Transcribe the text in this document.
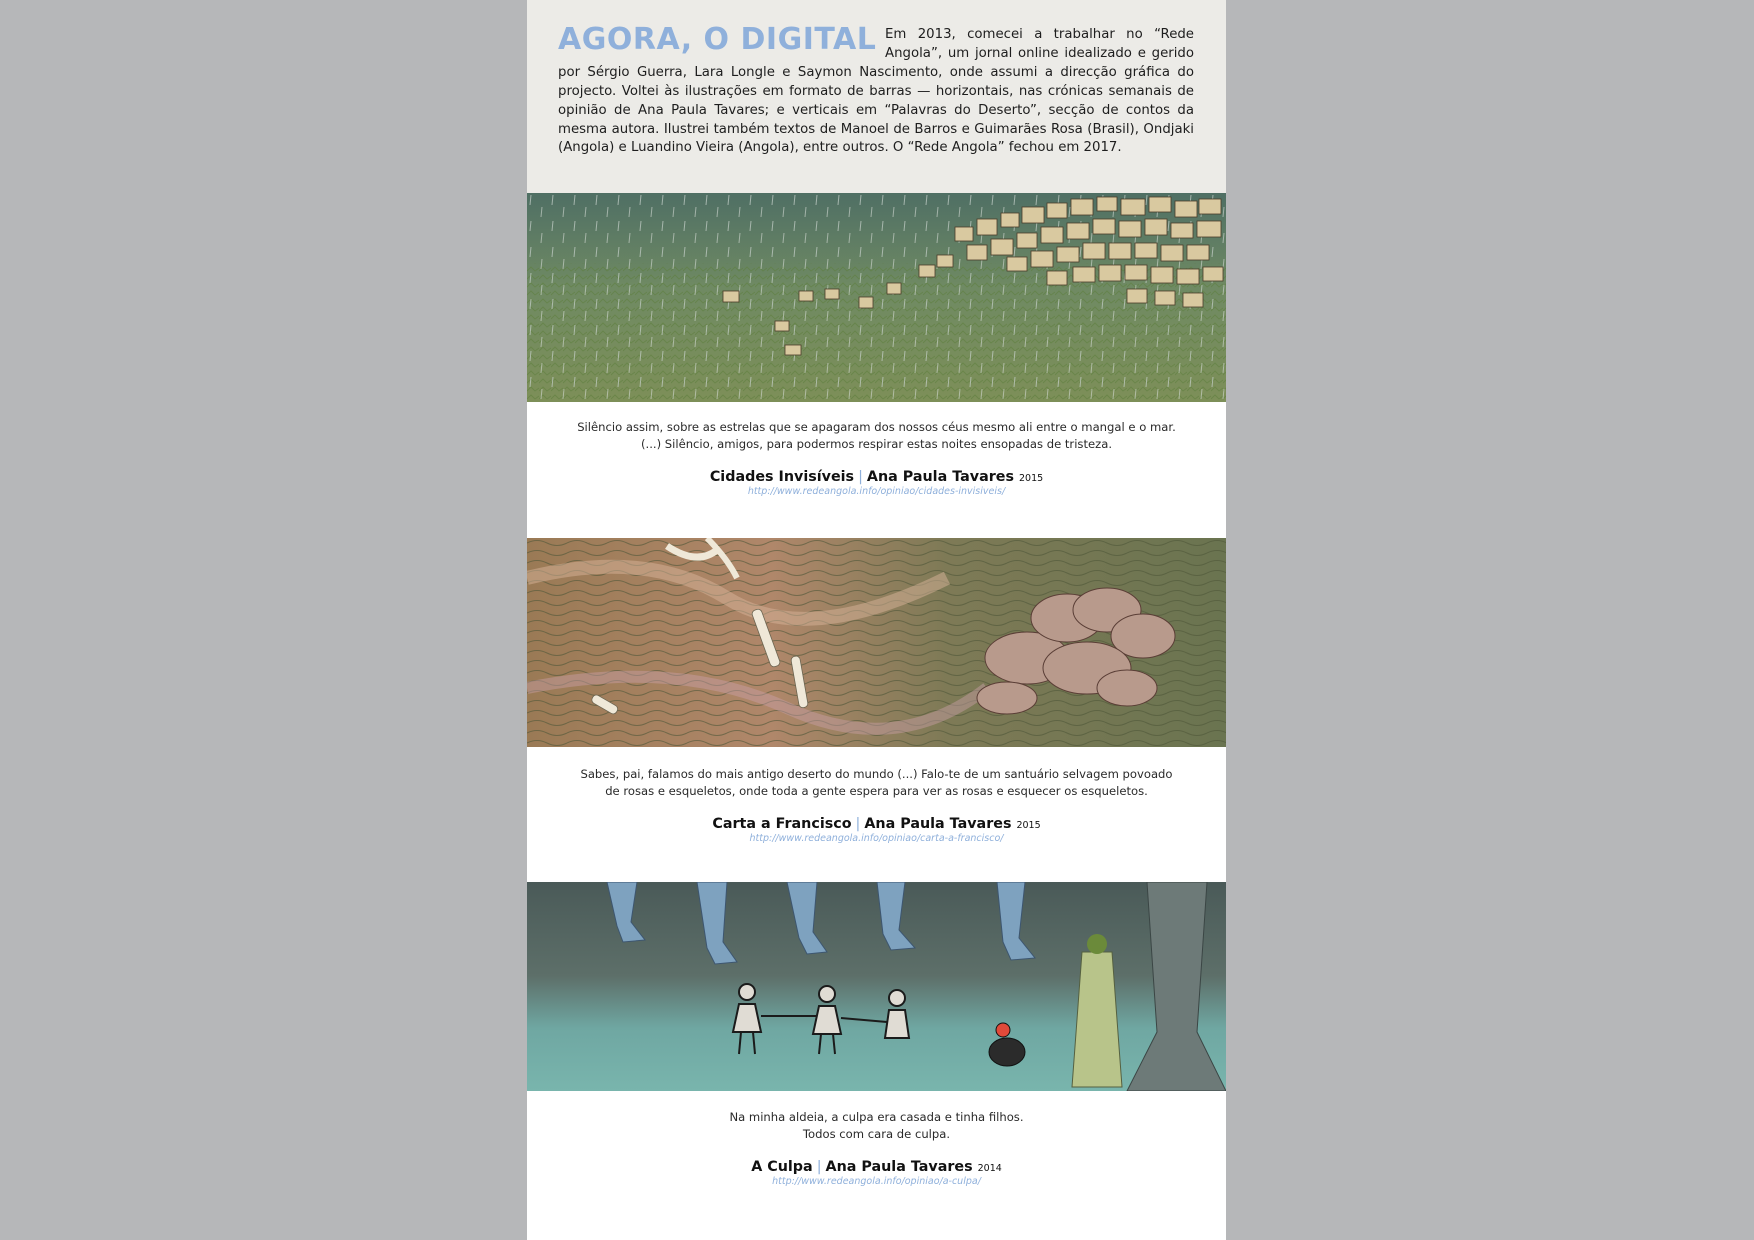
AGORA, O DIGITAL Em 2013, comecei a trabalhar no “Rede Angola”, um jornal online idealizado e gerido por Sérgio Guerra, Lara Longle e Saymon Nascimento, onde assumi a direcção gráfica do projecto. Voltei às ilustrações em formato de barras — horizontais, nas crónicas semanais de opinião de Ana Paula Tavares; e verticais em “Palavras do Deserto”, secção de contos da mesma autora. Ilustrei também textos de Manoel de Barros e Guimarães Rosa (Brasil), Ondjaki (Angola) e Luandino Vieira (Angola), entre outros. O “Rede Angola” fechou em 2017.

Silêncio assim, sobre as estrelas que se apagaram dos nossos céus mesmo ali entre o mangal e o mar.

(...) Silêncio, amigos, para podermos respirar estas noites ensopadas de tristeza.

Cidades Invisíveis | Ana Paula Tavares 2015

http://www.redeangola.info/opiniao/cidades-invisiveis/

Sabes, pai, falamos do mais antigo deserto do mundo (...) Falo-te de um santuário selvagem povoado

de rosas e esqueletos, onde toda a gente espera para ver as rosas e esquecer os esqueletos.

Carta a Francisco | Ana Paula Tavares 2015

http://www.redeangola.info/opiniao/carta-a-francisco/

Na minha aldeia, a culpa era casada e tinha filhos.

Todos com cara de culpa.

A Culpa | Ana Paula Tavares 2014

http://www.redeangola.info/opiniao/a-culpa/
